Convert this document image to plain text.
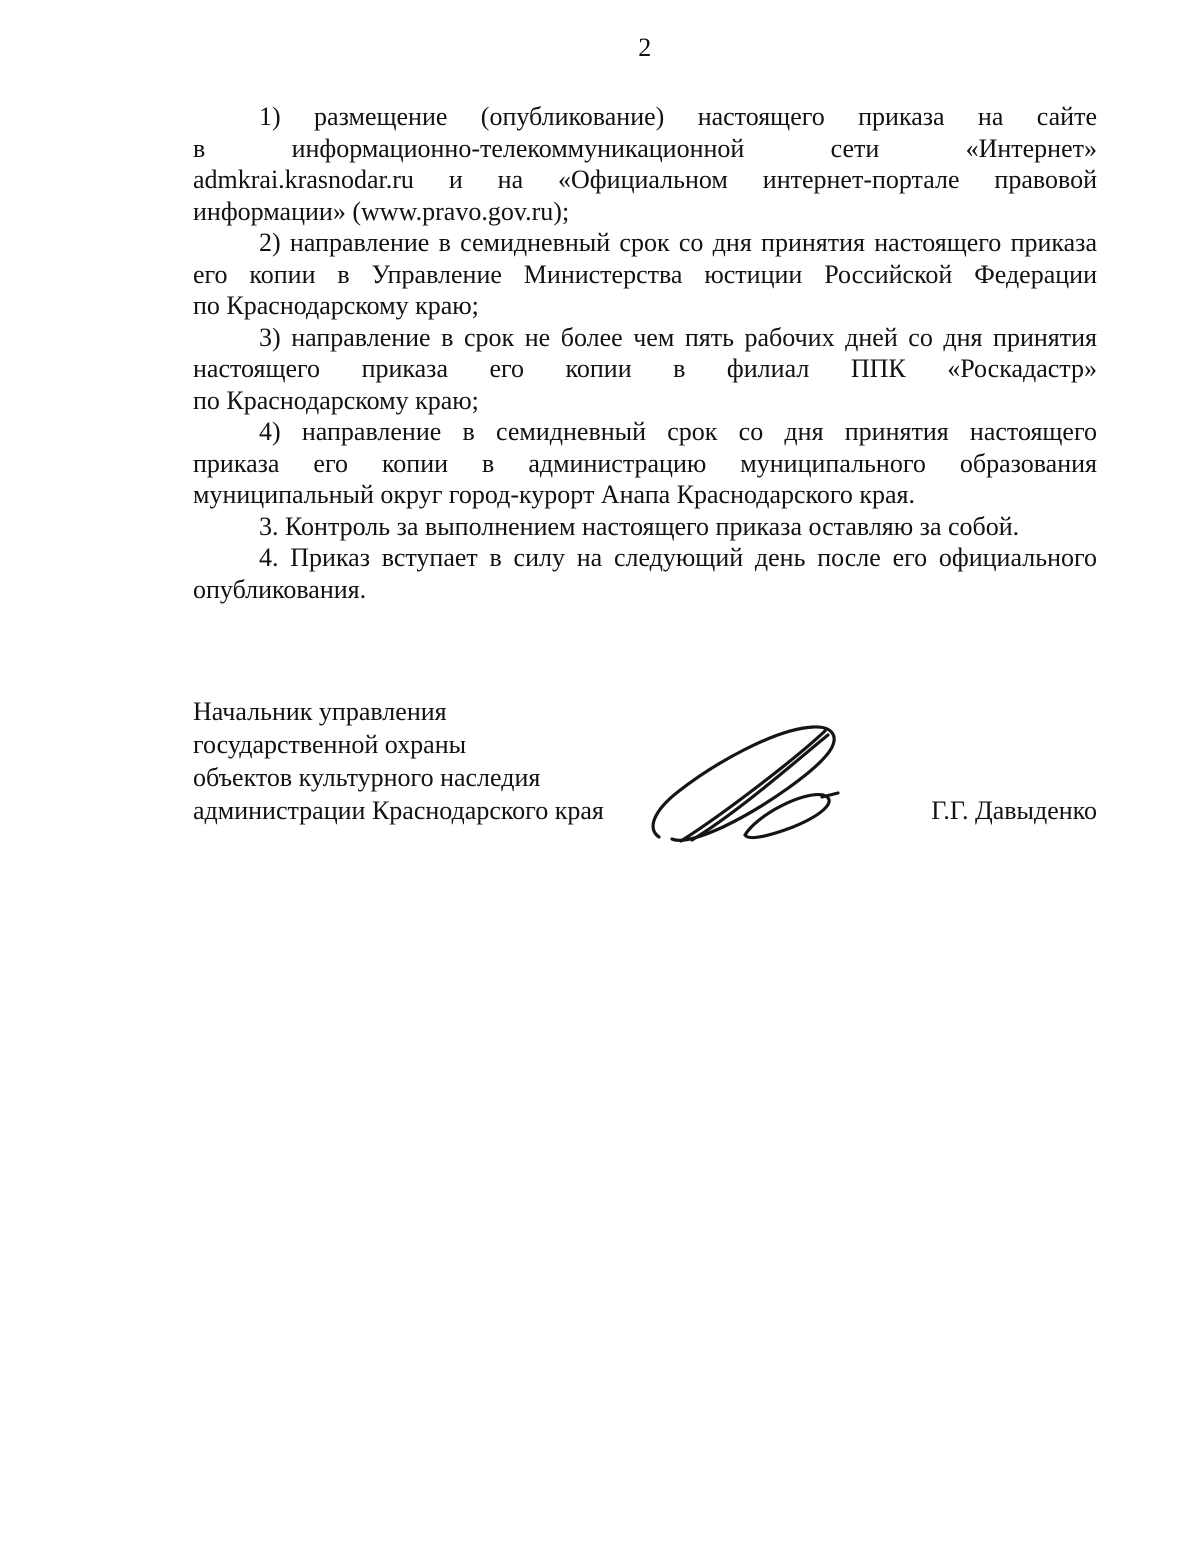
2
1) размещение (опубликование) настоящего приказа на сайте
в информационно-телекоммуникационной сети «Интернет»
admkrai.krasnodar.ru и на «Официальном интернет-портале правовой
информации» (www.pravo.gov.ru);
2) направление в семидневный срок со дня принятия настоящего приказа
его копии в Управление Министерства юстиции Российской Федерации
по Краснодарскому краю;
3) направление в срок не более чем пять рабочих дней со дня принятия
настоящего приказа его копии в филиал ППК «Роскадастр»
по Краснодарскому краю;
4) направление в семидневный срок со дня принятия настоящего
приказа его копии в администрацию муниципального образования
муниципальный округ город-курорт Анапа Краснодарского края.
3. Контроль за выполнением настоящего приказа оставляю за собой.
4. Приказ вступает в силу на следующий день после его официального
опубликования.
Начальник управления
государственной охраны
объектов культурного наследия
администрации Краснодарского края	Г.Г. Давыденко
